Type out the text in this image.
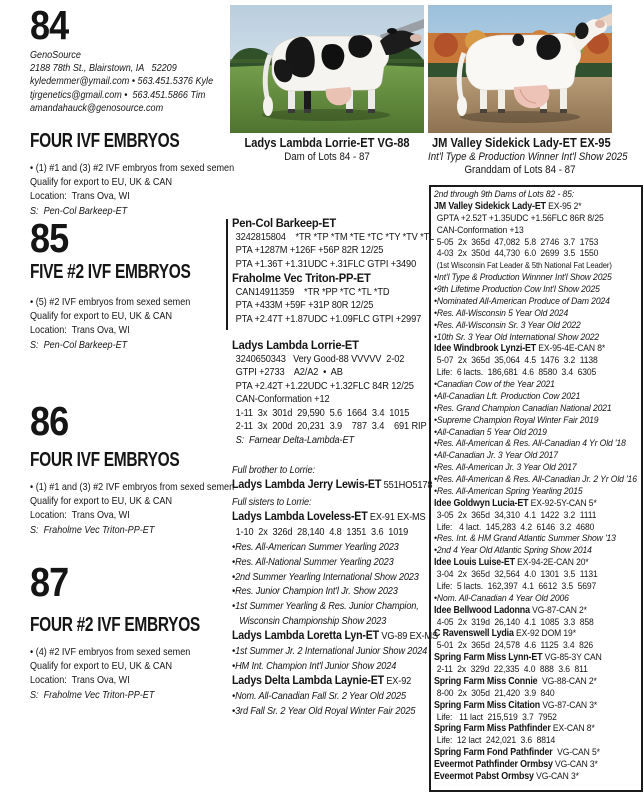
84
GenoSource
2188 78th St., Blairstown, IA   52209
kyledemmer@ymail.com • 563.451.5376 Kyle
tjrgenetics@gmail.com •  563.451.5866 Tim
amandahauck@genosource.com
FOUR IVF EMBRYOS
• (1) #1 and (3) #2 IVF embryos from sexed semen
Qualify for export to EU, UK & CAN
Location:  Trans Ova, WI
S:  Pen-Col Barkeep-ET
85
FIVE #2 IVF EMBRYOS
• (5) #2 IVF embryos from sexed semen
Qualify for export to EU, UK & CAN
Location:  Trans Ova, WI
S:  Pen-Col Barkeep-ET
86
FOUR IVF EMBRYOS
• (1) #1 and (3) #2 IVF embryos from sexed semen
Qualify for export to EU, UK & CAN
Location:  Trans Ova, WI
S:  Fraholme Vec Triton-PP-ET
87
FOUR #2 IVF EMBRYOS
• (4) #2 IVF embryos from sexed semen
Qualify for export to EU, UK & CAN
Location:  Trans Ova, WI
S:  Fraholme Vec Triton-PP-ET
Ladys Lambda Lorrie-ET VG-88
Dam of Lots 84 - 87
JM Valley Sidekick Lady-ET EX-95
Int'l Type & Production Winner Int'l Show 2025
Granddam of Lots 84 - 87
Pen-Col Barkeep-ET
3242815804    *TR *TP *TM *TE *TC *TY *TV *TL
PTA +1287M +126F +56P 82R 12/25
PTA +1.36T +1.31UDC +.31FLC GTPI +3490
Fraholme Vec Triton-PP-ET
CAN14911359    *TR *PP *TC *TL *TD
PTA +433M +59F +31P 80R 12/25
PTA +2.47T +1.87UDC +1.09FLC GTPI +2997
Ladys Lambda Lorrie-ET
3240650343   Very Good-88 VVVVV  2-02
GTPI +2733    A2/A2  •  AB
PTA +2.42T +1.22UDC +1.32FLC 84R 12/25
CAN-Conformation +12
1-11  3x  301d  29,590  5.6  1664  3.4  1015
2-11  3x  200d  20,231  3.9    787  3.4    691 RIP
S:  Farnear Delta-Lambda-ET
Full brother to Lorrie:
Ladys Lambda Jerry Lewis-ET 551HO5178
Full sisters to Lorrie:
Ladys Lambda Loveless-ET EX-91 EX-MS
1-10  2x  326d  28,140  4.8  1351  3.6  1019
•Res. All-American Summer Yearling 2023
•Res. All-National Summer Yearling 2023
•2nd Summer Yearling International Show 2023
•Res. Junior Champion Int'l Jr. Show 2023
•1st Summer Yearling & Res. Junior Champion,
Wisconsin Championship Show 2023
Ladys Lambda Loretta Lyn-ET VG-89 EX-MS
•1st Summer Jr. 2 International Junior Show 2024
•HM Int. Champion Int'l Junior Show 2024
Ladys Delta Lambda Laynie-ET EX-92
•Nom. All-Canadian Fall Sr. 2 Year Old 2025
•3rd Fall Sr. 2 Year Old Royal Winter Fair 2025
2nd through 9th Dams of Lots 82 - 85:
JM Valley Sidekick Lady-ET EX-95 2*
GPTA +2.52T +1.35UDC +1.56FLC 86R 8/25
CAN-Conformation +13
5-05  2x  365d  47,082  5.8  2746  3.7  1753
4-03  2x  350d  44,730  6.0  2699  3.5  1550
(1st Wisconsin Fat Leader & 5th National Fat Leader)
•Int'l Type & Production Winnner Int'l Show 2025
•9th Lifetime Production Cow Int'l Show 2025
•Nominated All-American Produce of Dam 2024
•Res. All-Wisconsin 5 Year Old 2024
•Res. All-Wisconsin Sr. 3 Year Old 2022
•10th Sr. 3 Year Old International Show 2022
Idee Windbrook Lynzi-ET EX-95-4E-CAN 8*
5-07  2x  365d  35,064  4.5  1476  3.2  1138
Life:  6 lacts.  186,681  4.6  8580  3.4  6305
•Canadian Cow of the Year 2021
•All-Canadian Lft. Production Cow 2021
•Res. Grand Champion Canadian National 2021
•Supreme Champion Royal Winter Fair 2019
•All-Canadian 5 Year Old 2019
•Res. All-American & Res. All-Canadian 4 Yr Old '18
•All-Canadian Jr. 3 Year Old 2017
•Res. All-American Jr. 3 Year Old 2017
•Res. All-American & Res. All-Canadian Jr. 2 Yr Old '16
•Res. All-American Spring Yearling 2015
Idee Goldwyn Lucia-ET EX-92-5Y-CAN 5*
3-05  2x  365d  34,310  4.1  1422  3.2  1111
Life:   4 lact.  145,283  4.2  6146  3.2  4680
•Res. Int. & HM Grand Atlantic Summer Show '13
•2nd 4 Year Old Atlantic Spring Show 2014
Idee Louis Luise-ET EX-94-2E-CAN 20*
3-04  2x  365d  32,564  4.0  1301  3.5  1131
Life:  5 lacts.  162,397  4.1  6612  3.5  5697
•Nom. All-Canadian 4 Year Old 2006
Idee Bellwood Ladonna VG-87-CAN 2*
4-05  2x  319d  26,140  4.1  1085  3.3  858
C Ravenswell Lydia EX-92 DOM 19*
5-01  2x  365d  24,578  4.6  1125  3.4  826
Spring Farm Miss Lynn-ET VG-85-3Y CAN
2-11  2x  329d  22,335  4.0  888  3.6  811
Spring Farm Miss Connie  VG-88-CAN 2*
8-00  2x  305d  21,420  3.9  840
Spring Farm Miss Citation VG-87-CAN 3*
Life:   11 lact  215,519  3.7  7952
Spring Farm Miss Pathfinder EX-CAN 8*
Life:  12 lact  242,021  3.6  8814
Spring Farm Fond Pathfinder  VG-CAN 5*
Eveermot Pathfinder Ormbsy VG-CAN 3*
Eveermot Pabst Ormbsy VG-CAN 3*
